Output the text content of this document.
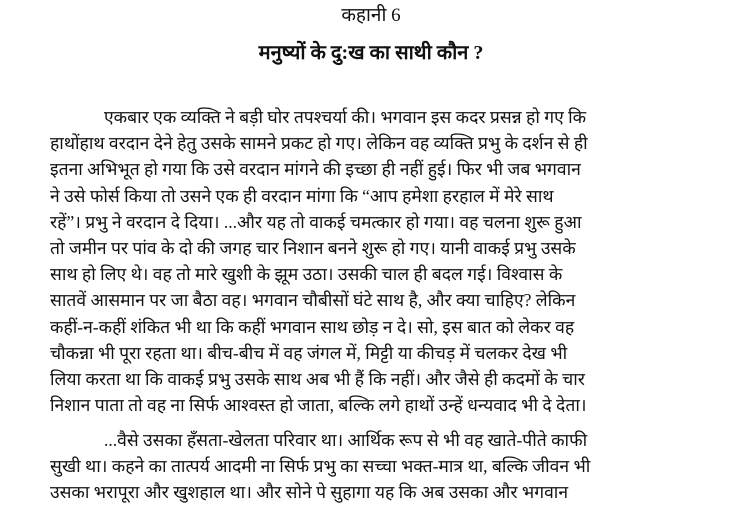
कहानी 6
मनुष्यों के दु:ख का साथी कौन ?

एकबार एक व्यक्ति ने बड़ी घोर तपश्चर्या की। भगवान इस कदर प्रसन्न हो गए कि
हाथोंहाथ वरदान देने हेतु उसके सामने प्रकट हो गए। लेकिन वह व्यक्ति प्रभु के दर्शन से ही
इतना अभिभूत हो गया कि उसे वरदान मांगने की इच्छा ही नहीं हुई। फिर भी जब भगवान
ने उसे फोर्स किया तो उसने एक ही वरदान मांगा कि “आप हमेशा हरहाल में मेरे साथ
रहें”। प्रभु ने वरदान दे दिया। ...और यह तो वाकई चमत्कार हो गया। वह चलना शुरू हुआ
तो जमीन पर पांव के दो की जगह चार निशान बनने शुरू हो गए। यानी वाकई प्रभु उसके
साथ हो लिए थे। वह तो मारे खुशी के झूम उठा। उसकी चाल ही बदल गई। विश्वास के
सातवें आसमान पर जा बैठा वह। भगवान चौबीसों घंटे साथ है, और क्या चाहिए? लेकिन
कहीं-न-कहीं शंकित भी था कि कहीं भगवान साथ छोड़ न दे। सो, इस बात को लेकर वह
चौकन्ना भी पूरा रहता था। बीच-बीच में वह जंगल में, मिट्टी या कीचड़ में चलकर देख भी
लिया करता था कि वाकई प्रभु उसके साथ अब भी हैं कि नहीं। और जैसे ही कदमों के चार
निशान पाता तो वह ना सिर्फ आश्वस्त हो जाता, बल्कि लगे हाथों उन्हें धन्यवाद भी दे देता।

...वैसे उसका हँसता-खेलता परिवार था। आर्थिक रूप से भी वह खाते-पीते काफी
सुखी था। कहने का तात्पर्य आदमी ना सिर्फ प्रभु का सच्चा भक्त-मात्र था, बल्कि जीवन भी
उसका भरापूरा और खुशहाल था। और सोने पे सुहागा यह कि अब उसका और भगवान
